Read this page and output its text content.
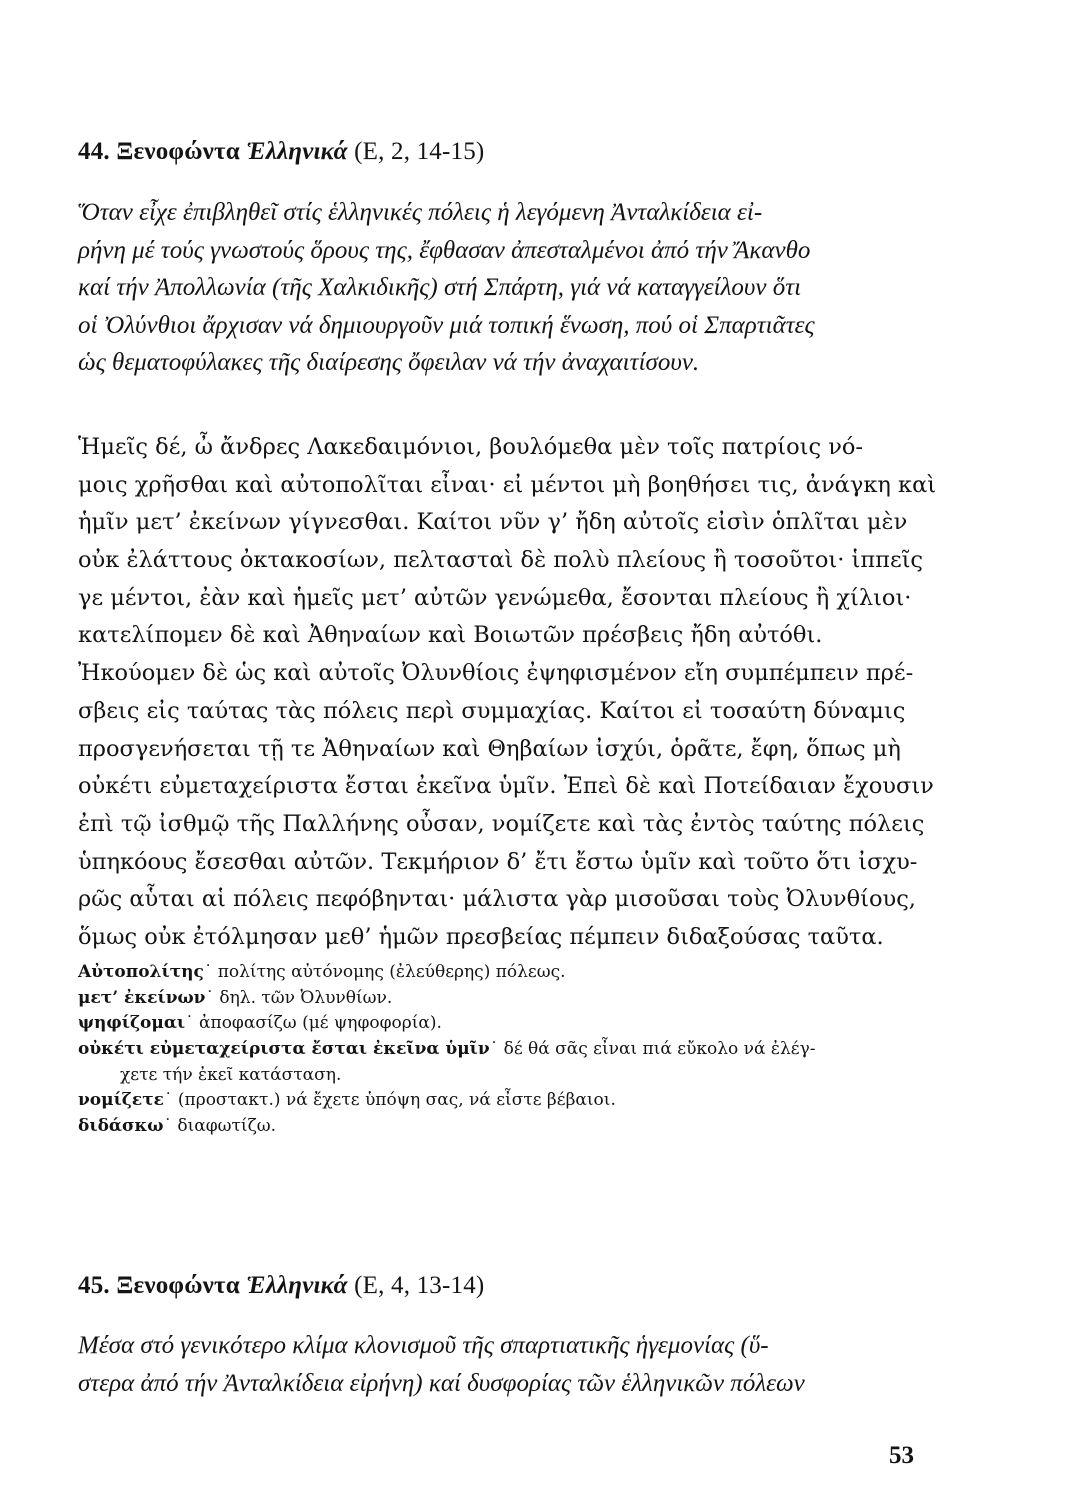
44. Ξενοφώντα Ἑλληνικά (Ε, 2, 14-15)
Ὅταν εἶχε ἐπιβληθεῖ στίς ἑλληνικές πόλεις ἡ λεγόμενη Ἀνταλκίδεια εἰ-
ρήνη μέ τούς γνωστούς ὅρους της, ἔφθασαν ἀπεσταλμένοι ἀπό τήν Ἄκανθο
καί τήν Ἀπολλωνία (τῆς Χαλκιδικῆς) στή Σπάρτη, γιά νά καταγγείλουν ὅτι
οἱ Ὀλύνθιοι ἄρχισαν νά δημιουργοῦν μιά τοπική ἕνωση, πού οἱ Σπαρτιᾶτες
ὡς θεματοφύλακες τῆς διαίρεσης ὄφειλαν νά τήν ἀναχαιτίσουν.
Ἡμεῖς δέ, ὦ ἄνδρες Λακεδαιμόνιοι, βουλόμεθα μὲν τοῖς πατρίοις νό-
μοις χρῆσθαι καὶ αὐτοπολῖται εἶναι· εἰ μέντοι μὴ βοηθήσει τις, ἀνάγκη καὶ
ἡμῖν μετ’ ἐκείνων γίγνεσθαι. Καίτοι νῦν γ’ ἤδη αὐτοῖς εἰσὶν ὁπλῖται μὲν
οὐκ ἐλάττους ὀκτακοσίων, πελτασταὶ δὲ πολὺ πλείους ἢ τοσοῦτοι· ἱππεῖς
γε μέντοι, ἐὰν καὶ ἡμεῖς μετ’ αὐτῶν γενώμεθα, ἔσονται πλείους ἢ χίλιοι·
κατελίπομεν δὲ καὶ Ἀθηναίων καὶ Βοιωτῶν πρέσβεις ἤδη αὐτόθι.
Ἠκούομεν δὲ ὡς καὶ αὐτοῖς Ὀλυνθίοις ἐψηφισμένον εἴη συμπέμπειν πρέ-
σβεις εἰς ταύτας τὰς πόλεις περὶ συμμαχίας. Καίτοι εἰ τοσαύτη δύναμις
προσγενήσεται τῇ τε Ἀθηναίων καὶ Θηβαίων ἰσχύι, ὁρᾶτε, ἔφη, ὅπως μὴ
οὐκέτι εὐμεταχείριστα ἔσται ἐκεῖνα ὑμῖν. Ἐπεὶ δὲ καὶ Ποτείδαιαν ἔχουσιν
ἐπὶ τῷ ἰσθμῷ τῆς Παλλήνης οὖσαν, νομίζετε καὶ τὰς ἐντὸς ταύτης πόλεις
ὑπηκόους ἔσεσθαι αὐτῶν. Τεκμήριον δ’ ἔτι ἔστω ὑμῖν καὶ τοῦτο ὅτι ἰσχυ-
ρῶς αὗται αἱ πόλεις πεφόβηνται· μάλιστα γὰρ μισοῦσαι τοὺς Ὀλυνθίους,
ὅμως οὐκ ἐτόλμησαν μεθ’ ἡμῶν πρεσβείας πέμπειν διδαξούσας ταῦτα.
Αὐτοπολίτης˙ πολίτης αὐτόνομης (ἐλεύθερης) πόλεως.
μετ’ ἐκείνων˙ δηλ. τῶν Ὀλυνθίων.
ψηφίζομαι˙ ἀποφασίζω (μέ ψηφοφορία).
οὐκέτι εὐμεταχείριστα ἔσται ἐκεῖνα ὑμῖν˙ δέ θά σᾶς εἶναι πιά εὔκολο νά ἐλέγ-
χετε τήν ἐκεῖ κατάσταση.
νομίζετε˙ (προστακτ.) νά ἔχετε ὑπόψη σας, νά εἶστε βέβαιοι.
διδάσκω˙ διαφωτίζω.
45. Ξενοφώντα Ἑλληνικά (Ε, 4, 13-14)
Μέσα στό γενικότερο κλίμα κλονισμοῦ τῆς σπαρτιατικῆς ἡγεμονίας (ὕ-
στερα ἀπό τήν Ἀνταλκίδεια εἰρήνη) καί δυσφορίας τῶν ἑλληνικῶν πόλεων
53
